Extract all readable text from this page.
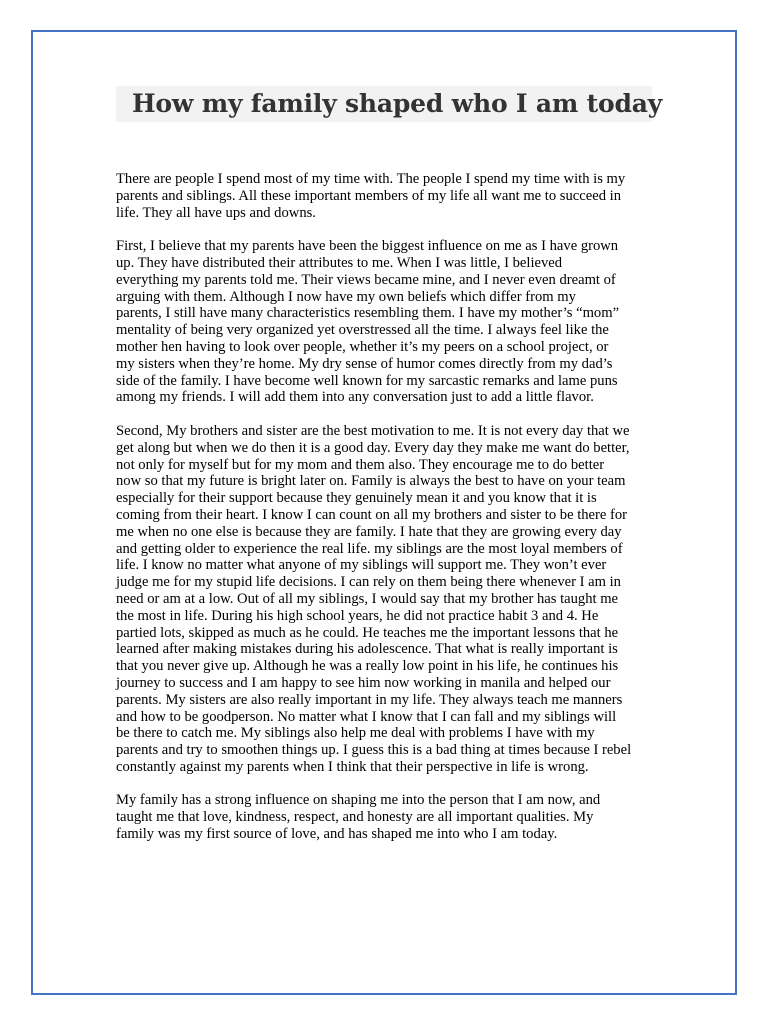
How my family shaped who I am today

There are people I spend most of my time with. The people I spend my time with is my
parents and siblings. All these important members of my life all want me to succeed in
life. They all have ups and downs.

First, I believe that my parents have been the biggest influence on me as I have grown
up. They have distributed their attributes to me. When I was little, I believed
everything my parents told me. Their views became mine, and I never even dreamt of
arguing with them. Although I now have my own beliefs which differ from my
parents, I still have many characteristics resembling them. I have my mother’s “mom”
mentality of being very organized yet overstressed all the time. I always feel like the
mother hen having to look over people, whether it’s my peers on a school project, or
my sisters when they’re home. My dry sense of humor comes directly from my dad’s
side of the family. I have become well known for my sarcastic remarks and lame puns
among my friends. I will add them into any conversation just to add a little flavor.

Second, My brothers and sister are the best motivation to me. It is not every day that we
get along but when we do then it is a good day. Every day they make me want do better,
not only for myself but for my mom and them also. They encourage me to do better
now so that my future is bright later on. Family is always the best to have on your team
especially for their support because they genuinely mean it and you know that it is
coming from their heart. I know I can count on all my brothers and sister to be there for
me when no one else is because they are family. I hate that they are growing every day
and getting older to experience the real life. my siblings are the most loyal members of
life. I know no matter what anyone of my siblings will support me. They won’t ever
judge me for my stupid life decisions. I can rely on them being there whenever I am in
need or am at a low. Out of all my siblings, I would say that my brother has taught me
the most in life. During his high school years, he did not practice habit 3 and 4. He
partied lots, skipped as much as he could. He teaches me the important lessons that he
learned after making mistakes during his adolescence. That what is really important is
that you never give up. Although he was a really low point in his life, he continues his
journey to success and I am happy to see him now working in manila and helped our
parents. My sisters are also really important in my life. They always teach me manners
and how to be goodperson. No matter what I know that I can fall and my siblings will
be there to catch me. My siblings also help me deal with problems I have with my
parents and try to smoothen things up. I guess this is a bad thing at times because I rebel
constantly against my parents when I think that their perspective in life is wrong.

My family has a strong influence on shaping me into the person that I am now, and
taught me that love, kindness, respect, and honesty are all important qualities. My
family was my first source of love, and has shaped me into who I am today.
